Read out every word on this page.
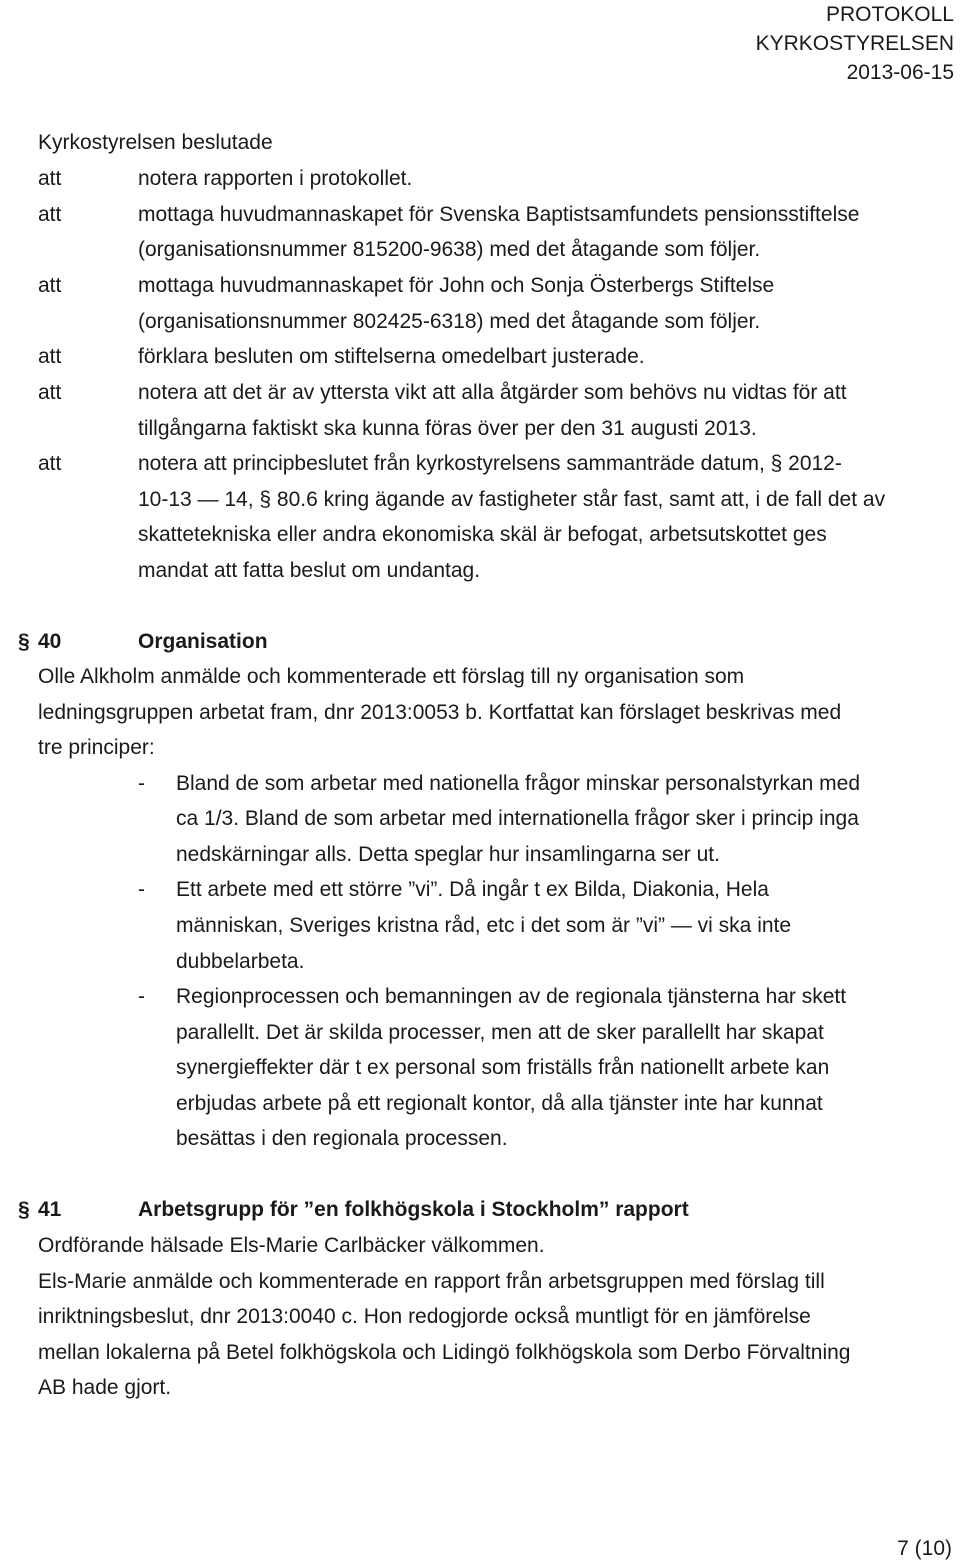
PROTOKOLL
KYRKOSTYRELSEN
2013-06-15
Kyrkostyrelsen beslutade
att	notera rapporten i protokollet.
att	mottaga huvudmannaskapet för Svenska Baptistsamfundets pensionsstiftelse
(organisationsnummer 815200-9638) med det åtagande som följer.
att	mottaga huvudmannaskapet för John och Sonja Österbergs Stiftelse
(organisationsnummer 802425-6318) med det åtagande som följer.
att	förklara besluten om stiftelserna omedelbart justerade.
att	notera att det är av yttersta vikt att alla åtgärder som behövs nu vidtas för att
tillgångarna faktiskt ska kunna föras över per den 31 augusti 2013.
att	notera att principbeslutet från kyrkostyrelsens sammanträde datum, § 2012-
10-13 — 14, § 80.6 kring ägande av fastigheter står fast, samt att, i de fall det av
skattetekniska eller andra ekonomiska skäl är befogat, arbetsutskottet ges
mandat att fatta beslut om undantag.
§ 40	Organisation
Olle Alkholm anmälde och kommenterade ett förslag till ny organisation som
ledningsgruppen arbetat fram, dnr 2013:0053 b. Kortfattat kan förslaget beskrivas med
tre principer:
- Bland de som arbetar med nationella frågor minskar personalstyrkan med
ca 1/3. Bland de som arbetar med internationella frågor sker i princip inga
nedskärningar alls. Detta speglar hur insamlingarna ser ut.
- Ett arbete med ett större ”vi”. Då ingår t ex Bilda, Diakonia, Hela
människan, Sveriges kristna råd, etc i det som är ”vi” — vi ska inte
dubbelarbeta.
- Regionprocessen och bemanningen av de regionala tjänsterna har skett
parallellt. Det är skilda processer, men att de sker parallellt har skapat
synergieffekter där t ex personal som friställs från nationellt arbete kan
erbjudas arbete på ett regionalt kontor, då alla tjänster inte har kunnat
besättas i den regionala processen.
§ 41	Arbetsgrupp för ”en folkhögskola i Stockholm” rapport
Ordförande hälsade Els-Marie Carlbäcker välkommen.
Els-Marie anmälde och kommenterade en rapport från arbetsgruppen med förslag till
inriktningsbeslut, dnr 2013:0040 c. Hon redogjorde också muntligt för en jämförelse
mellan lokalerna på Betel folkhögskola och Lidingö folkhögskola som Derbo Förvaltning
AB hade gjort.
7 (10)
